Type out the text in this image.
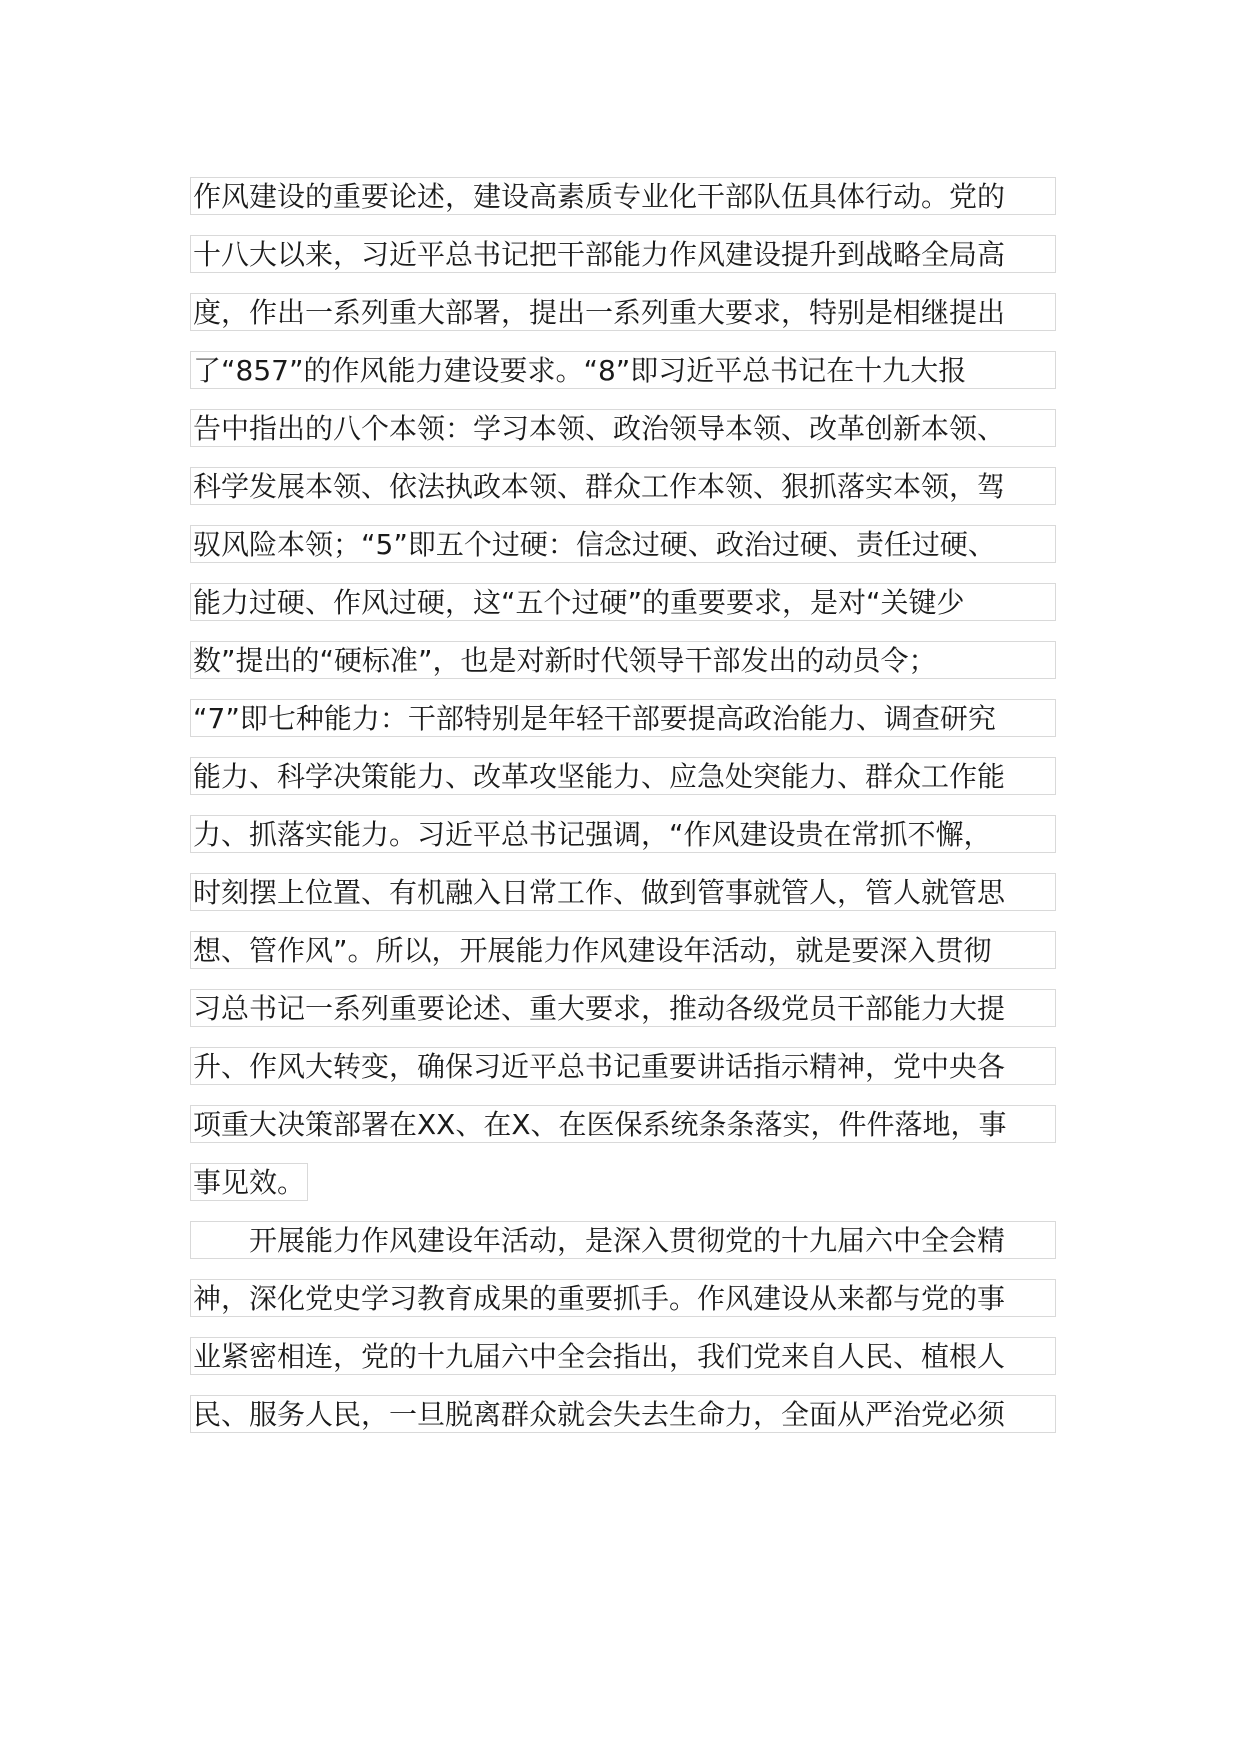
作风建设的重要论述，建设高素质专业化干部队伍具体行动。党的
十八大以来，习近平总书记把干部能力作风建设提升到战略全局高
度，作出一系列重大部署，提出一系列重大要求，特别是相继提出
了“857”的作风能力建设要求。“8”即习近平总书记在十九大报
告中指出的八个本领：学习本领、政治领导本领、改革创新本领、
科学发展本领、依法执政本领、群众工作本领、狠抓落实本领，驾
驭风险本领；“5”即五个过硬：信念过硬、政治过硬、责任过硬、
能力过硬、作风过硬，这“五个过硬”的重要要求，是对“关键少
数”提出的“硬标准”，也是对新时代领导干部发出的动员令；
“7”即七种能力：干部特别是年轻干部要提高政治能力、调查研究
能力、科学决策能力、改革攻坚能力、应急处突能力、群众工作能
力、抓落实能力。习近平总书记强调，“作风建设贵在常抓不懈，
时刻摆上位置、有机融入日常工作、做到管事就管人，管人就管思
想、管作风”。所以，开展能力作风建设年活动，就是要深入贯彻
习总书记一系列重要论述、重大要求，推动各级党员干部能力大提
升、作风大转变，确保习近平总书记重要讲话指示精神，党中央各
项重大决策部署在XX、在X、在医保系统条条落实，件件落地，事
事见效。
开展能力作风建设年活动，是深入贯彻党的十九届六中全会精
神，深化党史学习教育成果的重要抓手。作风建设从来都与党的事
业紧密相连，党的十九届六中全会指出，我们党来自人民、植根人
民、服务人民，一旦脱离群众就会失去生命力，全面从严治党必须
